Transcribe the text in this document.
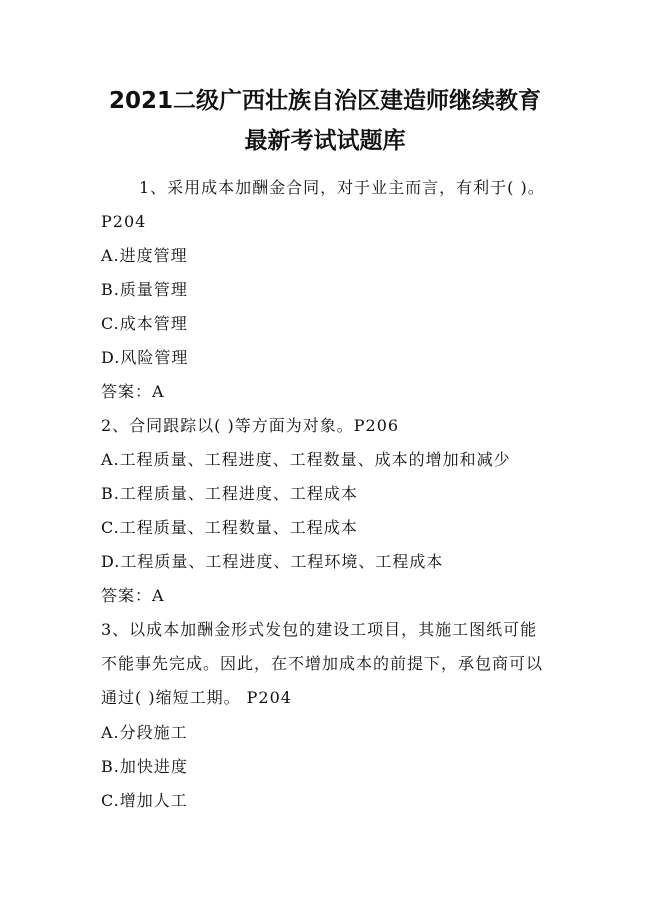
2021二级广西壮族自治区建造师继续教育
最新考试试题库
1、采用成本加酬金合同，对于业主而言，有利于( )。
P204
A.进度管理
B.质量管理
C.成本管理
D.风险管理
答案：A
2、合同跟踪以( )等方面为对象。P206
A.工程质量、工程进度、工程数量、成本的增加和减少
B.工程质量、工程进度、工程成本
C.工程质量、工程数量、工程成本
D.工程质量、工程进度、工程环境、工程成本
答案：A
3、以成本加酬金形式发包的建设工项目，其施工图纸可能
不能事先完成。因此，在不增加成本的前提下，承包商可以
通过( )缩短工期。 P204
A.分段施工
B.加快进度
C.增加人工
